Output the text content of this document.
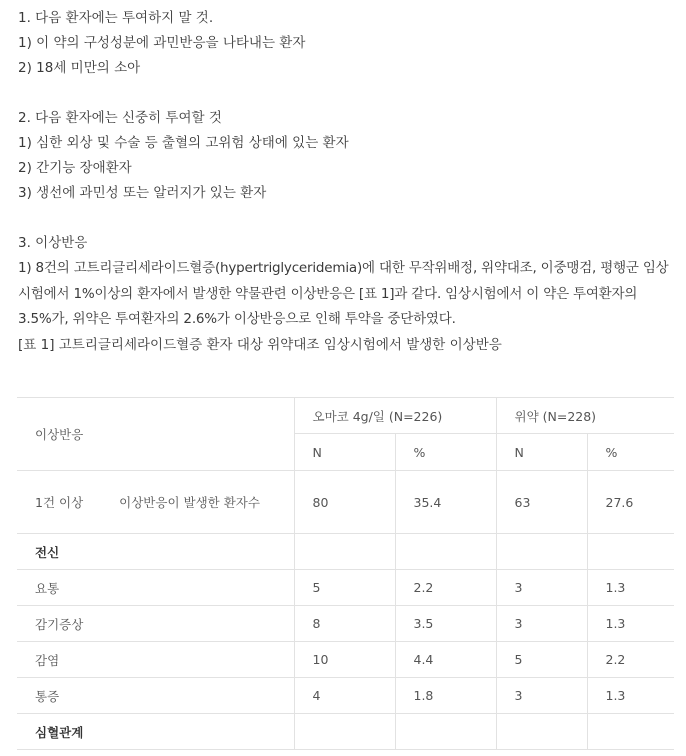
1. 다음 환자에는 투여하지 말 것.
1) 이 약의 구성성분에 과민반응을 나타내는 환자
2) 18세 미만의 소아
2. 다음 환자에는 신중히 투여할 것
1) 심한 외상 및 수술 등 출혈의 고위험 상태에 있는 환자
2) 간기능 장애환자
3) 생선에 과민성 또는 알러지가 있는 환자
3. 이상반응
1) 8건의 고트리글리세라이드혈증(hypertriglyceridemia)에 대한 무작위배정, 위약대조, 이중맹검, 평행군 임상시험에서 1%이상의 환자에서 발생한 약물관련 이상반응은 [표 1]과 같다. 임상시험에서 이 약은 투여환자의 3.5%가, 위약은 투여환자의 2.6%가 이상반응으로 인해 투약을 중단하였다.
[표 1] 고트리글리세라이드혈증 환자 대상 위약대조 임상시험에서 발생한 이상반응
이상반응	오마코 4g/일 (N=226)		위약 (N=228)	
	N	%	N	%
1건 이상 이상반응이 발생한 환자수	80	35.4	63	27.6
전신				
요통	5	2.2	3	1.3
감기증상	8	3.5	3	1.3
감염	10	4.4	5	2.2
통증	4	1.8	3	1.3
심혈관계				
